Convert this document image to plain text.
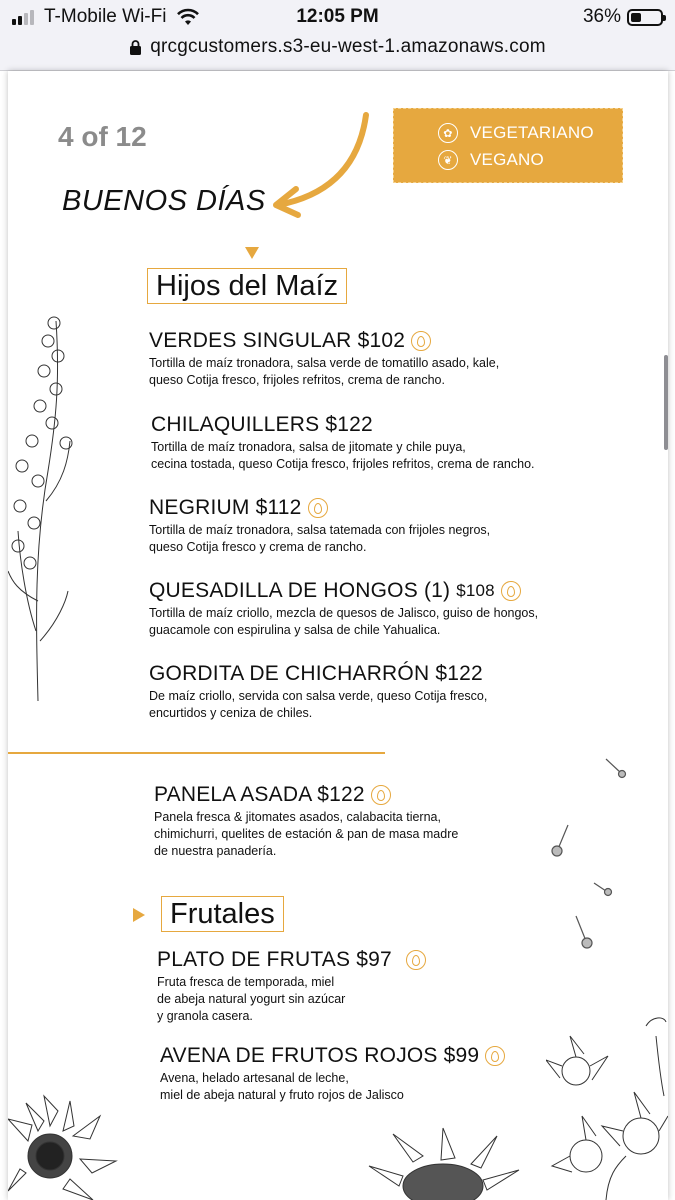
T-Mobile Wi-Fi	12:05 PM	36%
qrcgcustomers.s3-eu-west-1.amazonaws.com
4 of 12	✿	VEGETARIANO
❦	VEGANO
BUENOS DÍAS
Hijos del Maíz
VERDES SINGULAR $102
Tortilla de maíz tronadora, salsa verde de tomatillo asado, kale,
queso Cotija fresco, frijoles refritos, crema de rancho.
CHILAQUILLERS $122
Tortilla de maíz tronadora, salsa de jitomate y chile puya,
cecina tostada, queso Cotija fresco, frijoles refritos, crema de rancho.
NEGRIUM $112
Tortilla de maíz tronadora, salsa tatemada con frijoles negros,
queso Cotija fresco y crema de rancho.
QUESADILLA DE HONGOS (1) $108
Tortilla de maíz criollo, mezcla de quesos de Jalisco, guiso de hongos,
guacamole con espirulina y salsa de chile Yahualica.
GORDITA DE CHICHARRÓN $122
De maíz criollo, servida con salsa verde, queso Cotija fresco,
encurtidos y ceniza de chiles.
PANELA ASADA $122
Panela fresca & jitomates asados, calabacita tierna,
chimichurri, quelites de estación & pan de masa madre
de nuestra panadería.
Frutales
PLATO DE FRUTAS $97
Fruta fresca de temporada, miel
de abeja natural yogurt sin azúcar
y granola casera.
AVENA DE FRUTOS ROJOS $99
Avena, helado artesanal de leche,
miel de abeja natural y fruto rojos de Jalisco
